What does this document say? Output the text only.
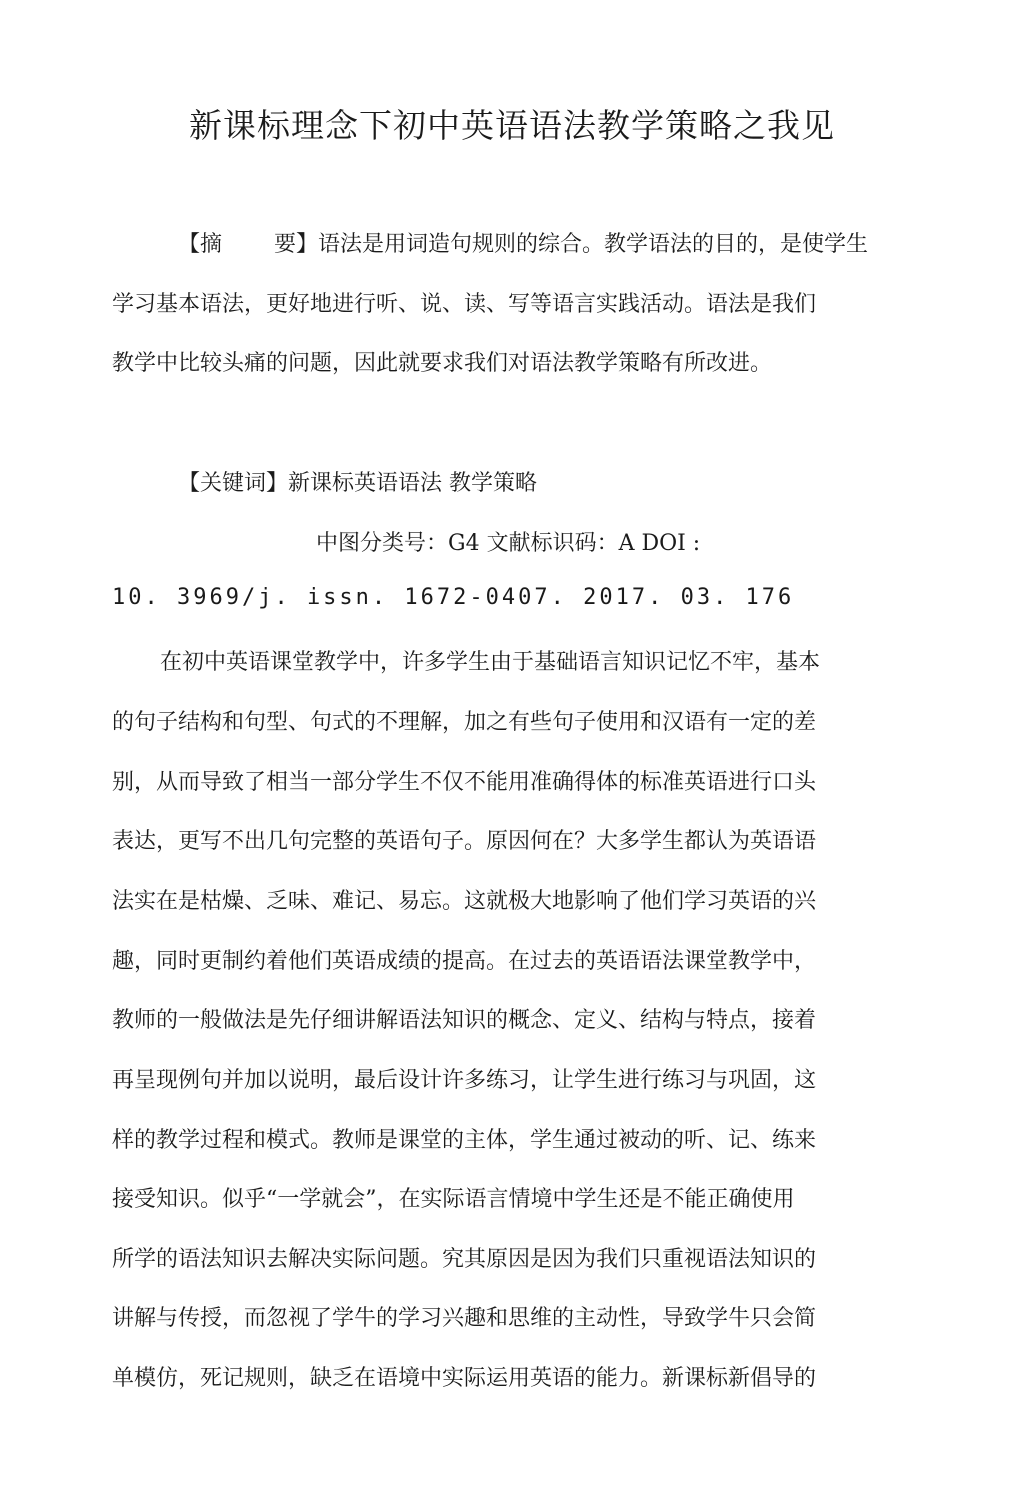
新课标理念下初中英语语法教学策略之我见
【摘 要】语法是用词造句规则的综合。教学语法的目的，是使学生
学习基本语法，更好地进行听、说、读、写等语言实践活动。语法是我们
教学中比较头痛的问题，因此就要求我们对语法教学策略有所改进。
【关键词】新课标英语语法 教学策略
中图分类号：G4 文献标识码：A DOI :
10. 3969/j. issn. 1672-0407. 2017. 03. 176
在初中英语课堂教学中，许多学生由于基础语言知识记忆不牢，基本
的句子结构和句型、句式的不理解，加之有些句子使用和汉语有一定的差
别，从而导致了相当一部分学生不仅不能用准确得体的标准英语进行口头
表达，更写不出几句完整的英语句子。原因何在？大多学生都认为英语语
法实在是枯燥、乏味、难记、易忘。这就极大地影响了他们学习英语的兴
趣，同时更制约着他们英语成绩的提高。在过去的英语语法课堂教学中，
教师的一般做法是先仔细讲解语法知识的概念、定义、结构与特点，接着
再呈现例句并加以说明，最后设计许多练习，让学生进行练习与巩固，这
样的教学过程和模式。教师是课堂的主体，学生通过被动的听、记、练来
接受知识。似乎“一学就会”，在实际语言情境中学生还是不能正确使用
所学的语法知识去解决实际问题。究其原因是因为我们只重视语法知识的
讲解与传授，而忽视了学牛的学习兴趣和思维的主动性，导致学牛只会简
单模仿，死记规则，缺乏在语境中实际运用英语的能力。新课标新倡导的
